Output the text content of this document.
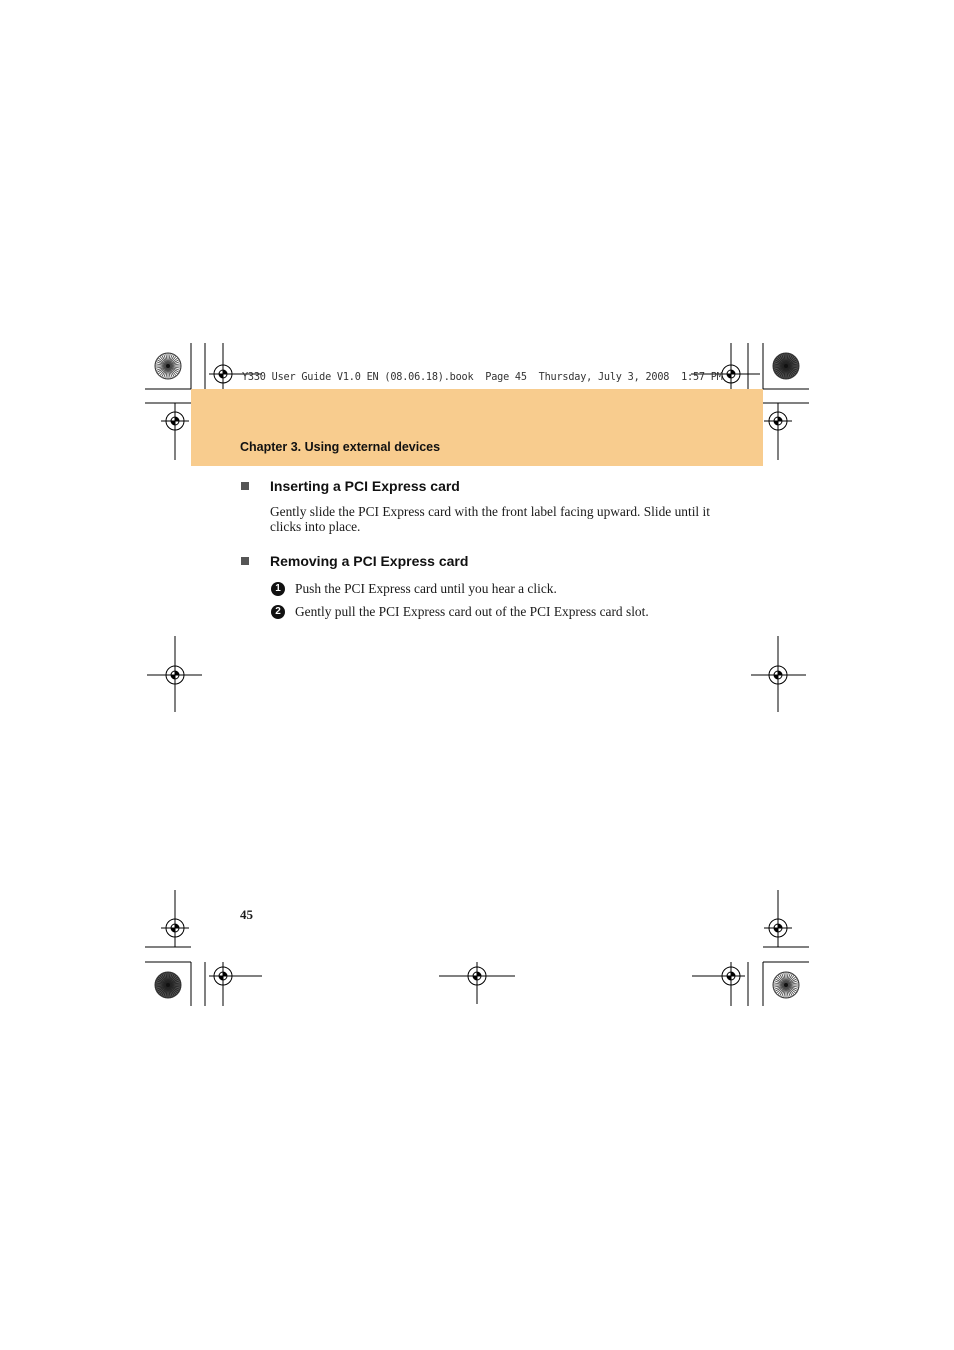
Y330 User Guide V1.0 EN (08.06.18).book  Page 45  Thursday, July 3, 2008  1:57 PM
Chapter 3. Using external devices
Inserting a PCI Express card
Gently slide the PCI Express card with the front label facing upward. Slide until it clicks into place.
Removing a PCI Express card
1	Push the PCI Express card until you hear a click.
2	Gently pull the PCI Express card out of the PCI Express card slot.
45
